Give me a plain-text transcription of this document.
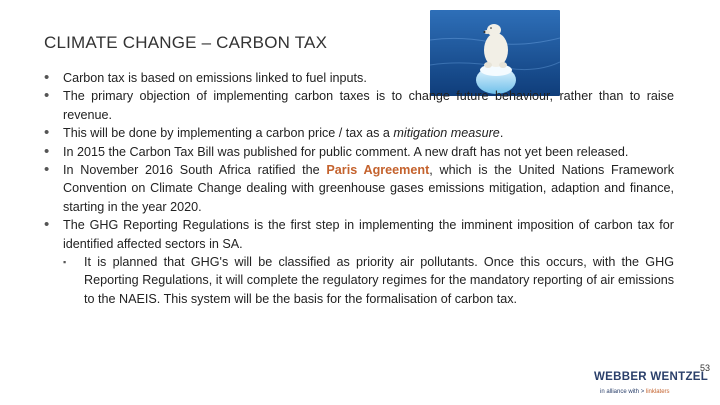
CLIMATE CHANGE – CARBON TAX
• Carbon tax is based on emissions linked to fuel inputs.
• The primary objection of implementing carbon taxes is to change future behaviour, rather than to raise revenue.
• This will be done by implementing a carbon price / tax as a mitigation measure.
• In 2015 the Carbon Tax Bill was published for public comment. A new draft has not yet been released.
• In November 2016 South Africa ratified the Paris Agreement, which is the United Nations Framework Convention on Climate Change dealing with greenhouse gases emissions mitigation, adaption and finance, starting in the year 2020.
• The GHG Reporting Regulations is the first step in implementing the imminent imposition of carbon tax for identified affected sectors in SA.
▪ It is planned that GHG's will be classified as priority air pollutants. Once this occurs, with the GHG Reporting Regulations, it will complete the regulatory regimes for the mandatory reporting of air emissions to the NAEIS. This system will be the basis for the formalisation of carbon tax.
53
WEBBER WENTZEL
in alliance with > linklaters
